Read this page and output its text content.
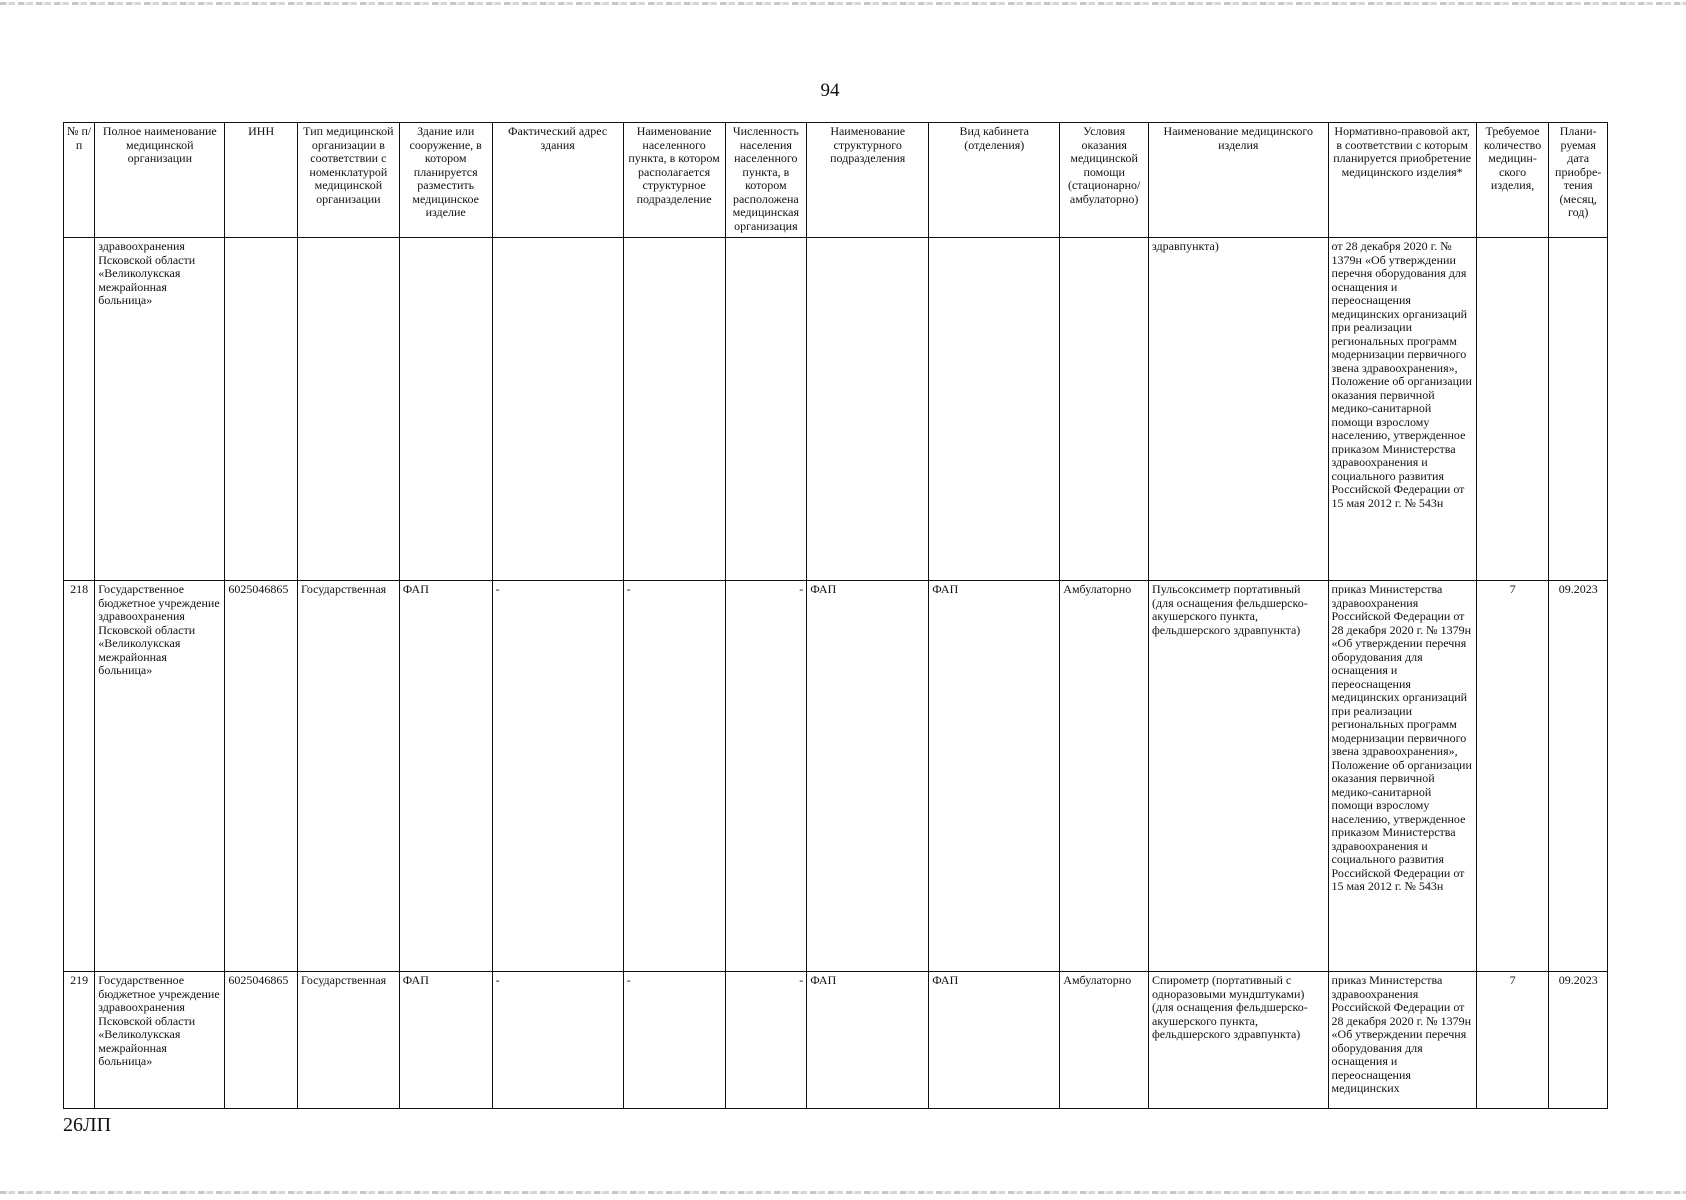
94
№ п/п	Полное наименование медицинской организации	ИНН	Тип медицинской организации в соответствии с номенклатурой медицинской организации	Здание или сооружение, в котором планируется разместить медицинское изделие	Фактический адрес здания	Наименование населенного пункта, в котором располагается структурное подразделение	Численность населения населенного пункта, в котором расположена медицинская организация	Наименование структурного подразделения	Вид кабинета (отделения)	Условия оказания медицинской помощи (стационарно/ амбулаторно)	Наименование медицинского изделия	Нормативно-правовой акт, в соответствии с которым планируется приобретение медицинского изделия*	Требуемое количество медицин-ского изделия,	Плани-руемая дата приобре-тения (месяц, год)
	здравоохранения Псковской области «Великолукская межрайонная больница»										здравпункта)	от 28 декабря 2020 г. № 1379н «Об утверждении перечня оборудования для оснащения и переоснащения медицинских организаций при реализации региональных программ модернизации первичного звена здравоохранения», Положение об организации оказания первичной медико-санитарной помощи взрослому населению, утвержденное приказом Министерства здравоохранения и социального развития Российской Федерации от 15 мая 2012 г. № 543н		
218	Государственное бюджетное учреждение здравоохранения Псковской области «Великолукская межрайонная больница»	6025046865	Государственная	ФАП	-	-	-	ФАП	ФАП	Амбулаторно	Пульсоксиметр портативный (для оснащения фельдшерско-акушерского пункта, фельдшерского здравпункта)	приказ Министерства здравоохранения Российской Федерации от 28 декабря 2020 г. № 1379н «Об утверждении перечня оборудования для оснащения и переоснащения медицинских организаций при реализации региональных программ модернизации первичного звена здравоохранения», Положение об организации оказания первичной медико-санитарной помощи взрослому населению, утвержденное приказом Министерства здравоохранения и социального развития Российской Федерации от 15 мая 2012 г. № 543н	7	09.2023
219	Государственное бюджетное учреждение здравоохранения Псковской области «Великолукская межрайонная больница»	6025046865	Государственная	ФАП	-	-	-	ФАП	ФАП	Амбулаторно	Спирометр (портативный с одноразовыми мундштуками) (для оснащения фельдшерско-акушерского пункта, фельдшерского здравпункта)	приказ Министерства здравоохранения Российской Федерации от 28 декабря 2020 г. № 1379н «Об утверждении перечня оборудования для оснащения и переоснащения медицинских	7	09.2023
26ЛП
